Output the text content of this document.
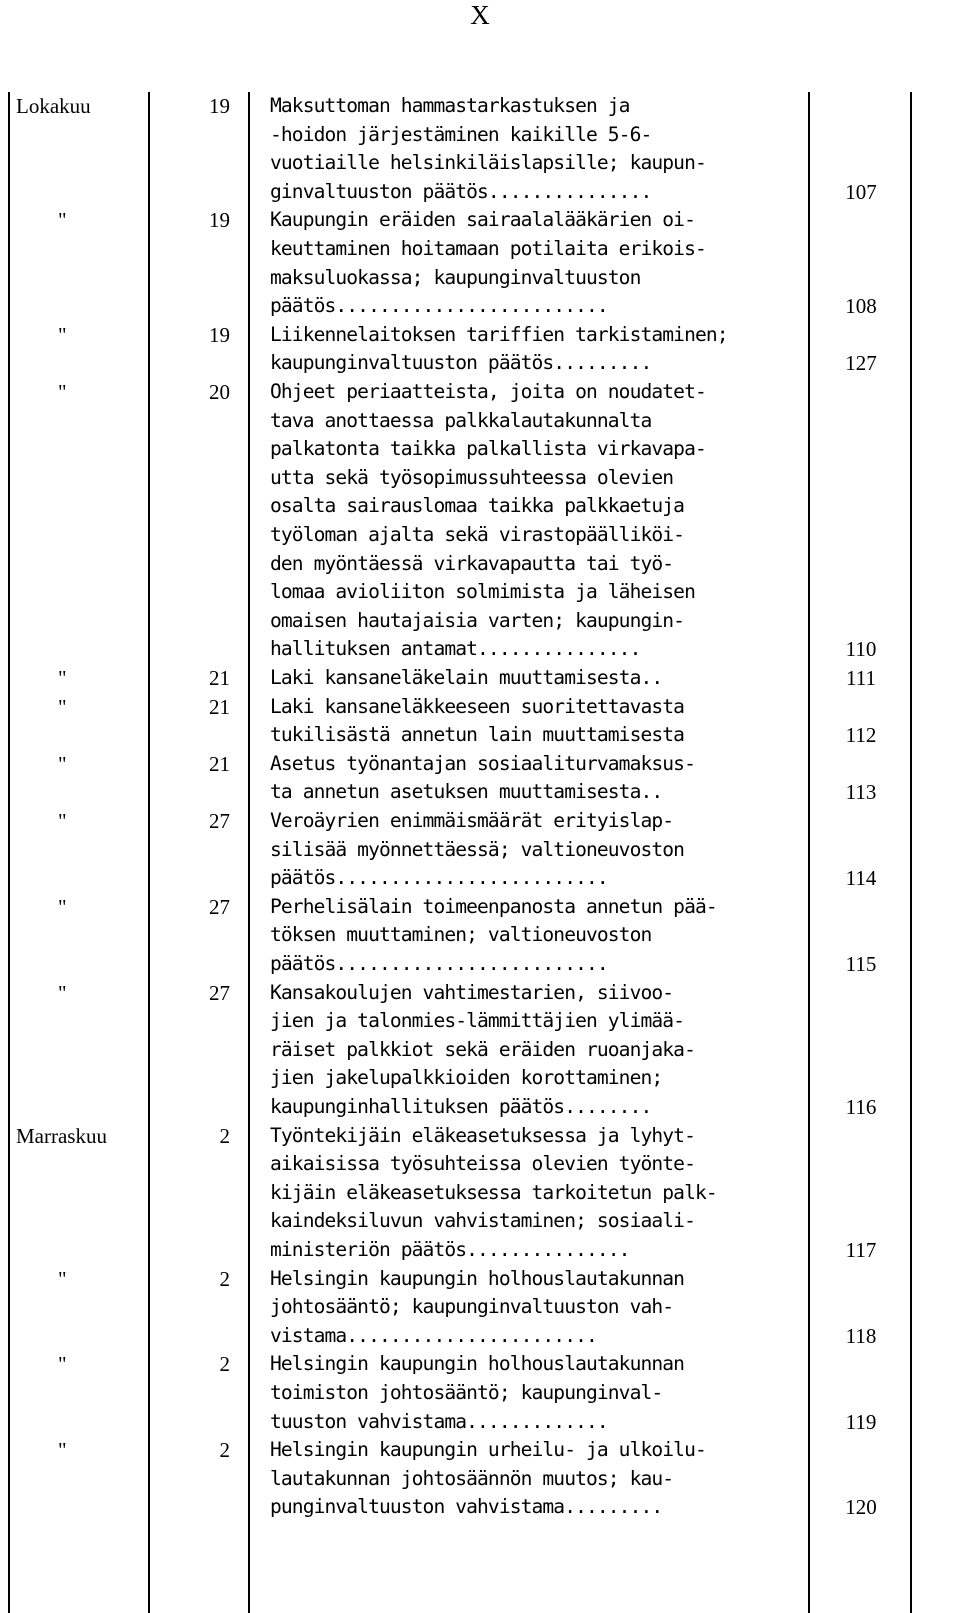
X
Lokakuu	19 Maksuttoman hammastarkastuksen ja
-hoidon järjestäminen kaikille 5-6-
vuotiaille helsinkiläislapsille; kaupun-
ginvaltuuston päätös...............	107
"	19 Kaupungin eräiden sairaalalääkärien oi-
keuttaminen hoitamaan potilaita erikois-
maksuluokassa; kaupunginvaltuuston
päätös.........................	108
"	19 Liikennelaitoksen tariffien tarkistaminen;
kaupunginvaltuuston päätös.........	127
"	20 Ohjeet periaatteista, joita on noudatet-
tava anottaessa palkkalautakunnalta
palkatonta taikka palkallista virkavapa-
utta sekä työsopimussuhteessa olevien
osalta sairauslomaa taikka palkkaetuja
työloman ajalta sekä virastopäälliköi-
den myöntäessä virkavapautta tai työ-
lomaa avioliiton solmimista ja läheisen
omaisen hautajaisia varten; kaupungin-
hallituksen antamat...............	110
"	21 Laki kansaneläkelain muuttamisesta..	111
"	21 Laki kansaneläkkeeseen suoritettavasta
tukilisästä annetun lain muuttamisesta	112
"	21 Asetus työnantajan sosiaaliturvamaksus-
ta annetun asetuksen muuttamisesta..	113
"	27 Veroäyrien enimmäismäärät erityislap-
silisää myönnettäessä; valtioneuvoston
päätös.........................	114
"	27 Perhelisälain toimeenpanosta annetun pää-
töksen muuttaminen; valtioneuvoston
päätös.........................	115
"	27 Kansakoulujen vahtimestarien, siivoo-
jien ja talonmies-lämmittäjien ylimää-
räiset palkkiot sekä eräiden ruoanjaka-
jien jakelupalkkioiden korottaminen;
kaupunginhallituksen päätös........	116
Marraskuu	2 Työntekijäin eläkeasetuksessa ja lyhyt-
aikaisissa työsuhteissa olevien työnte-
kijäin eläkeasetuksessa tarkoitetun palk-
kaindeksiluvun vahvistaminen; sosiaali-
ministeriön päätös...............	117
"	2 Helsingin kaupungin holhouslautakunnan
johtosääntö; kaupunginvaltuuston vah-
vistama.......................	118
"	2 Helsingin kaupungin holhouslautakunnan
toimiston johtosääntö; kaupunginval-
tuuston vahvistama.............	119
"	2 Helsingin kaupungin urheilu- ja ulkoilu-
lautakunnan johtosäännön muutos; kau-
punginvaltuuston vahvistama.........	120
